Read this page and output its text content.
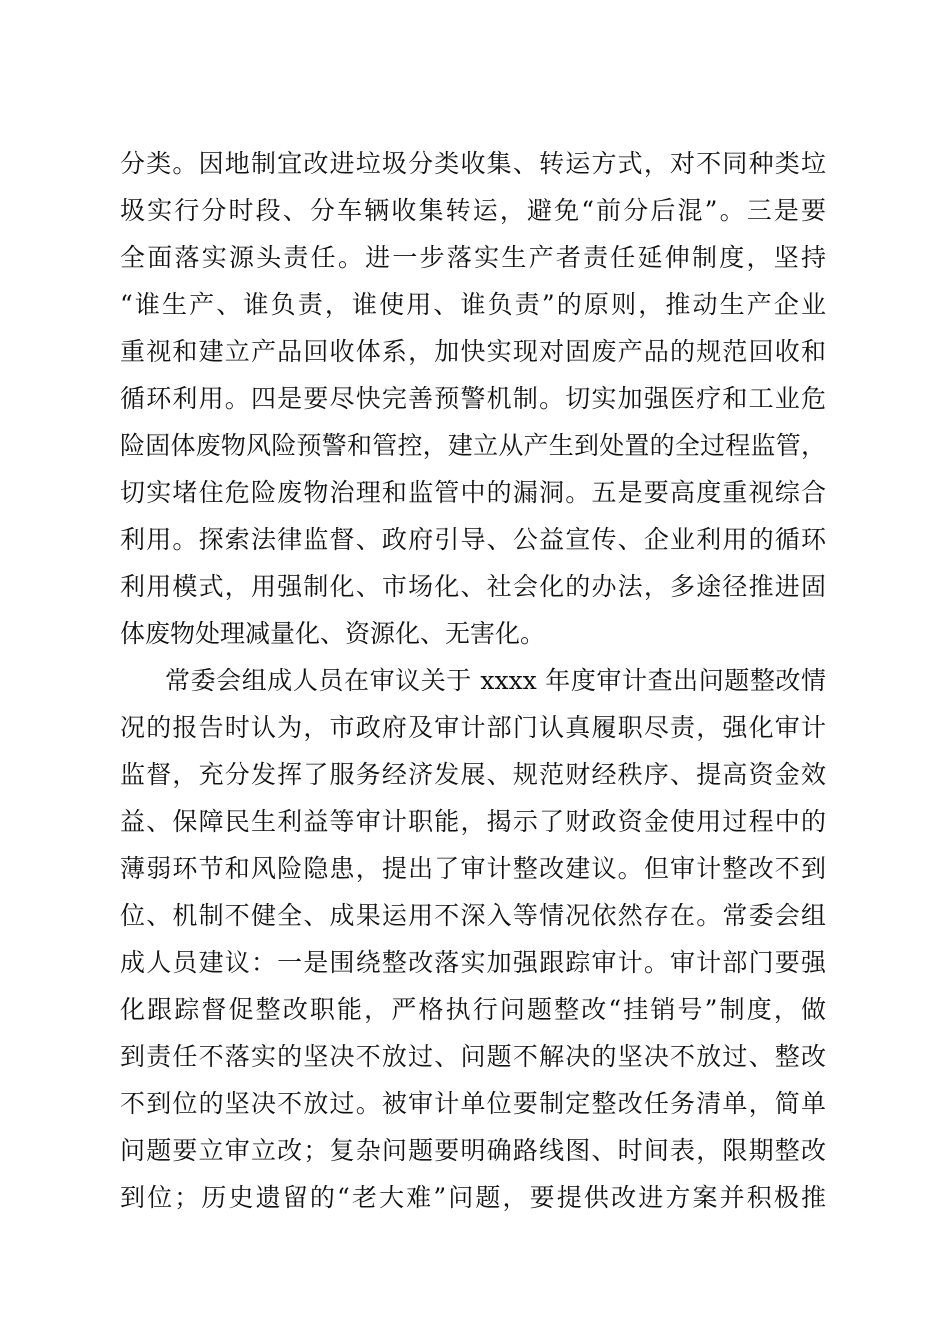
分类。因地制宜改进垃圾分类收集、转运方式，对不同种类垃
圾实行分时段、分车辆收集转运，避免“前分后混”。三是要
全面落实源头责任。进一步落实生产者责任延伸制度，坚持
“谁生产、谁负责，谁使用、谁负责”的原则，推动生产企业
重视和建立产品回收体系，加快实现对固废产品的规范回收和
循环利用。四是要尽快完善预警机制。切实加强医疗和工业危
险固体废物风险预警和管控，建立从产生到处置的全过程监管，
切实堵住危险废物治理和监管中的漏洞。五是要高度重视综合
利用。探索法律监督、政府引导、公益宣传、企业利用的循环
利用模式，用强制化、市场化、社会化的办法，多途径推进固
体废物处理减量化、资源化、无害化。
常委会组成人员在审议关于 xxxx 年度审计查出问题整改情
况的报告时认为，市政府及审计部门认真履职尽责，强化审计
监督，充分发挥了服务经济发展、规范财经秩序、提高资金效
益、保障民生利益等审计职能，揭示了财政资金使用过程中的
薄弱环节和风险隐患，提出了审计整改建议。但审计整改不到
位、机制不健全、成果运用不深入等情况依然存在。常委会组
成人员建议：一是围绕整改落实加强跟踪审计。审计部门要强
化跟踪督促整改职能，严格执行问题整改“挂销号”制度，做
到责任不落实的坚决不放过、问题不解决的坚决不放过、整改
不到位的坚决不放过。被审计单位要制定整改任务清单，简单
问题要立审立改；复杂问题要明确路线图、时间表，限期整改
到位；历史遗留的“老大难”问题，要提供改进方案并积极推
